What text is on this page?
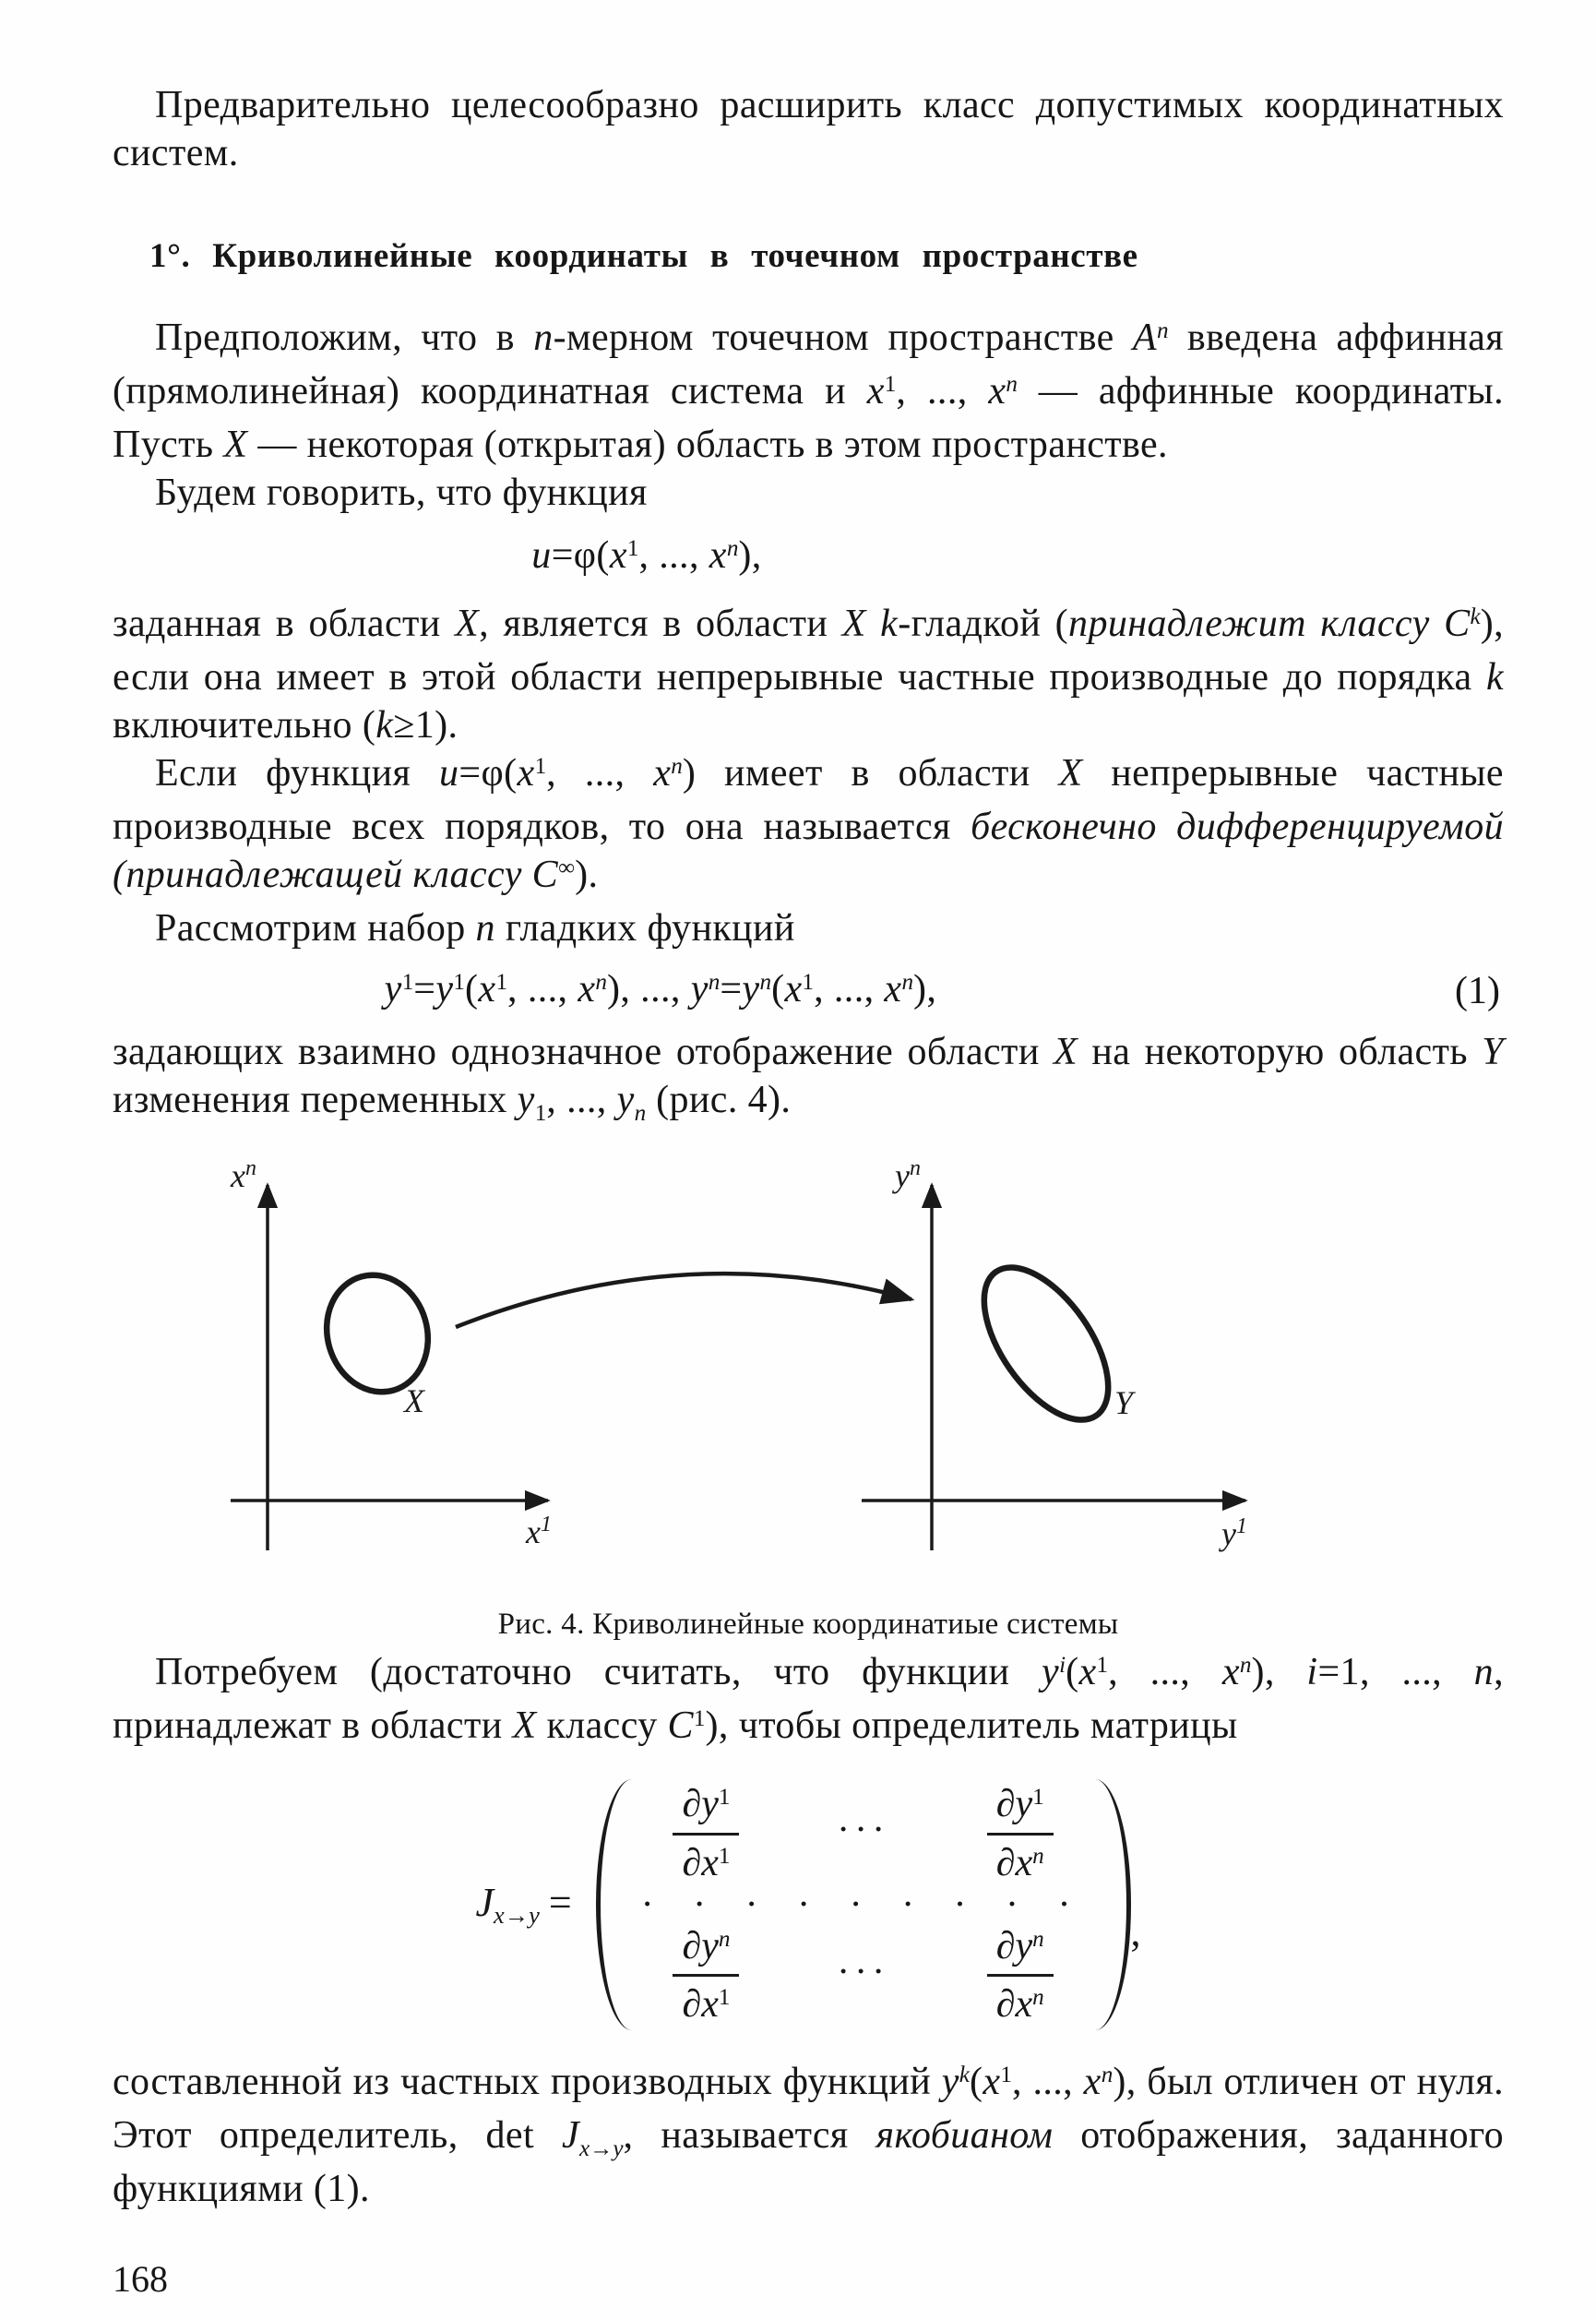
Предварительно целесообразно расширить класс допустимых координатных систем.

1°. Криволинейные координаты в точечном пространстве

Предположим, что в n-мерном точечном пространстве $A^n$ введена аффинная (прямолинейная) координатная система и $x^1$, ..., $x^n$ — аффинные координаты. Пусть X — некоторая (открытая) область в этом пространстве.

Будем говорить, что функция

$u=\varphi(x^1$, ..., $x^n$),

заданная в области X, является в области X k-гладкой (принадлежит классу $C^k$), если она имеет в этой области непрерывные частные производные до порядка k включительно (k≥1).

Если функция $u=\varphi(x^1$, ..., $x^n$) имеет в области X непрерывные частные производные всех порядков, то она называется бесконечно дифференцируемой (принадлежащей классу C∞).

Рассмотрим набор n гладких функций

$y^1=y^1(x^1$, ..., $x^n$), ..., $y^n=y^n(x^1$, ..., $x^n$),	(1)

задающих взаимно однозначное отображение области X на некоторую область Y изменения переменных $y_1$, ..., $y_n$ (рис. 4).

$x^n$
$x^1$
X
$y^n$
$y^1$
Y
Рис. 4. Криволинейные координатиые системы

Потребуем (достаточно считать, что функции $y^i(x^1$, ..., $x^n$), i=1, ..., n, принадлежат в области X классу $C^1$), чтобы определитель матрицы

$J_{x\to y}$ =
$\frac{\partial y^1}{\partial x^1}$	···	$\frac{\partial y^1}{\partial x^n}$
· · · · · · · · ·
$\frac{\partial y^n}{\partial x^1}$	···	$\frac{\partial y^n}{\partial x^n}$ ,

составленной из частных производных функций $y^k(x^1$, ..., $x^n$), был отличен от нуля. Этот определитель, $\det J_{x\to y}$, называется якобианом отображения, заданного функциями (1).

168
